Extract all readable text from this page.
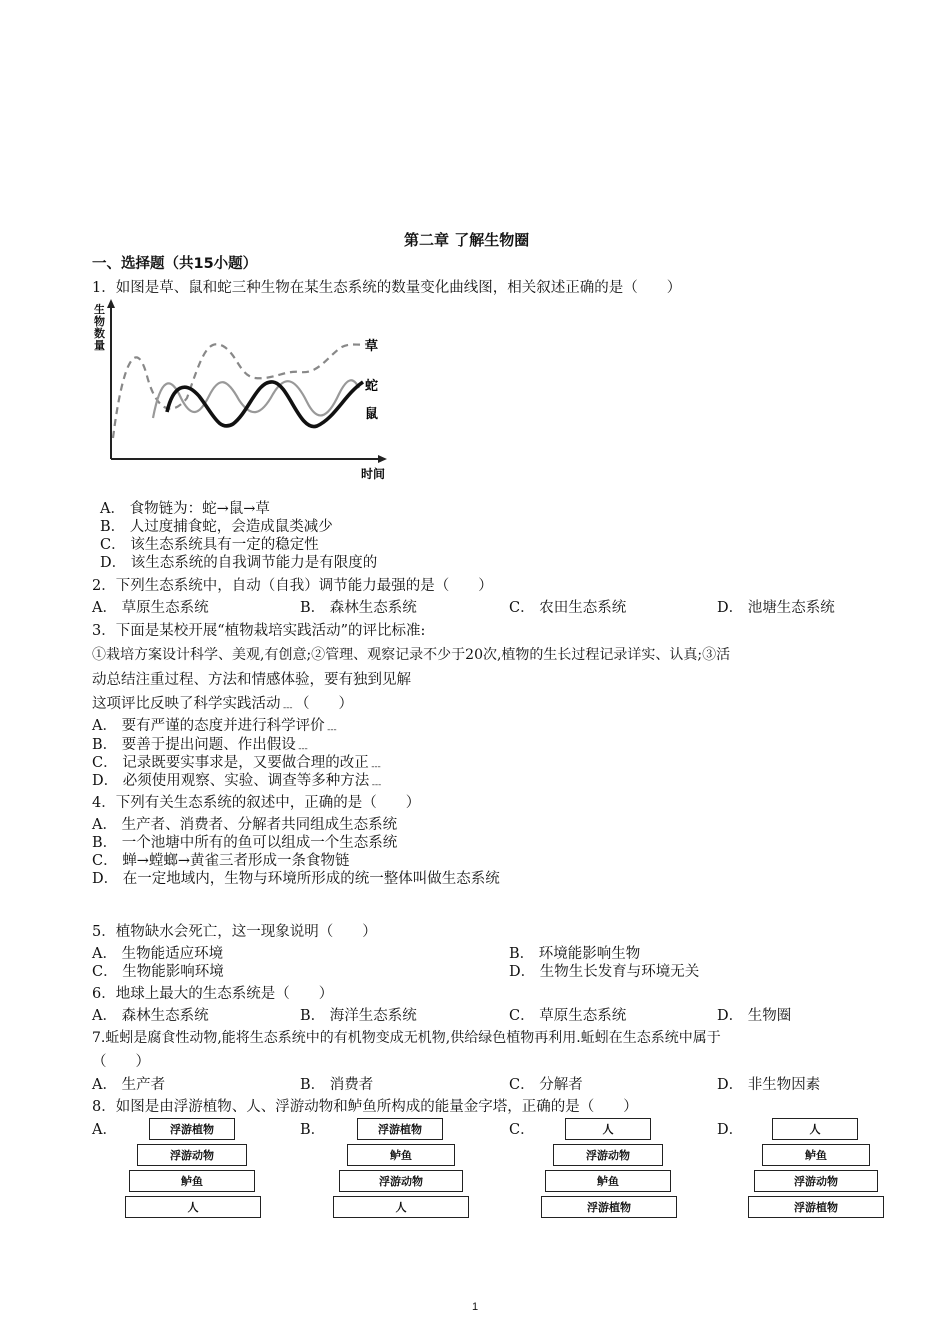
第二章 了解生物圈
一、选择题（共15小题）
1．如图是草、鼠和蛇三种生物在某生态系统的数量变化曲线图，相关叙述正确的是（　　）
草
蛇
鼠
时间
生物数量
A． 食物链为：蛇→鼠→草
B． 人过度捕食蛇，会造成鼠类减少
C． 该生态系统具有一定的稳定性
D． 该生态系统的自我调节能力是有限度的
2．下列生态系统中，自动（自我）调节能力最强的是（　　）
A． 草原生态系统	B． 森林生态系统	C． 农田生态系统	D． 池塘生态系统
3．下面是某校开展“植物栽培实践活动”的评比标准:
①栽培方案设计科学、美观,有创意;②管理、观察记录不少于20次,植物的生长过程记录详实、认真;③活
动总结注重过程、方法和情感体验，要有独到见解
这项评比反映了科学实践活动﹍（　　）
A． 要有严谨的态度并进行科学评价﹍
B． 要善于提出问题、作出假设﹍
C． 记录既要实事求是，又要做合理的改正﹍
D． 必须使用观察、实验、调查等多种方法﹍
4．下列有关生态系统的叙述中，正确的是（　　）
A． 生产者、消费者、分解者共同组成生态系统
B． 一个池塘中所有的鱼可以组成一个生态系统
C． 蝉→螳螂→黄雀三者形成一条食物链
D． 在一定地域内，生物与环境所形成的统一整体叫做生态系统
5．植物缺水会死亡，这一现象说明（　　）
A． 生物能适应环境	B． 环境能影响生物
C． 生物能影响环境	D． 生物生长发育与环境无关
6．地球上最大的生态系统是（　　）
A． 森林生态系统	B． 海洋生态系统	C． 草原生态系统	D． 生物圈
7.蚯蚓是腐食性动物,能将生态系统中的有机物变成无机物,供给绿色植物再利用.蚯蚓在生态系统中属于
（　　）
A． 生产者	B． 消费者	C． 分解者	D． 非生物因素
8．如图是由浮游植物、人、浮游动物和鲈鱼所构成的能量金字塔，正确的是（　　）
A．	B．	C．	D．
浮游植物
浮游动物
鲈鱼
人
浮游植物
鲈鱼
浮游动物
人
人
浮游动物
鲈鱼
浮游植物
人
鲈鱼
浮游动物
浮游植物
1
